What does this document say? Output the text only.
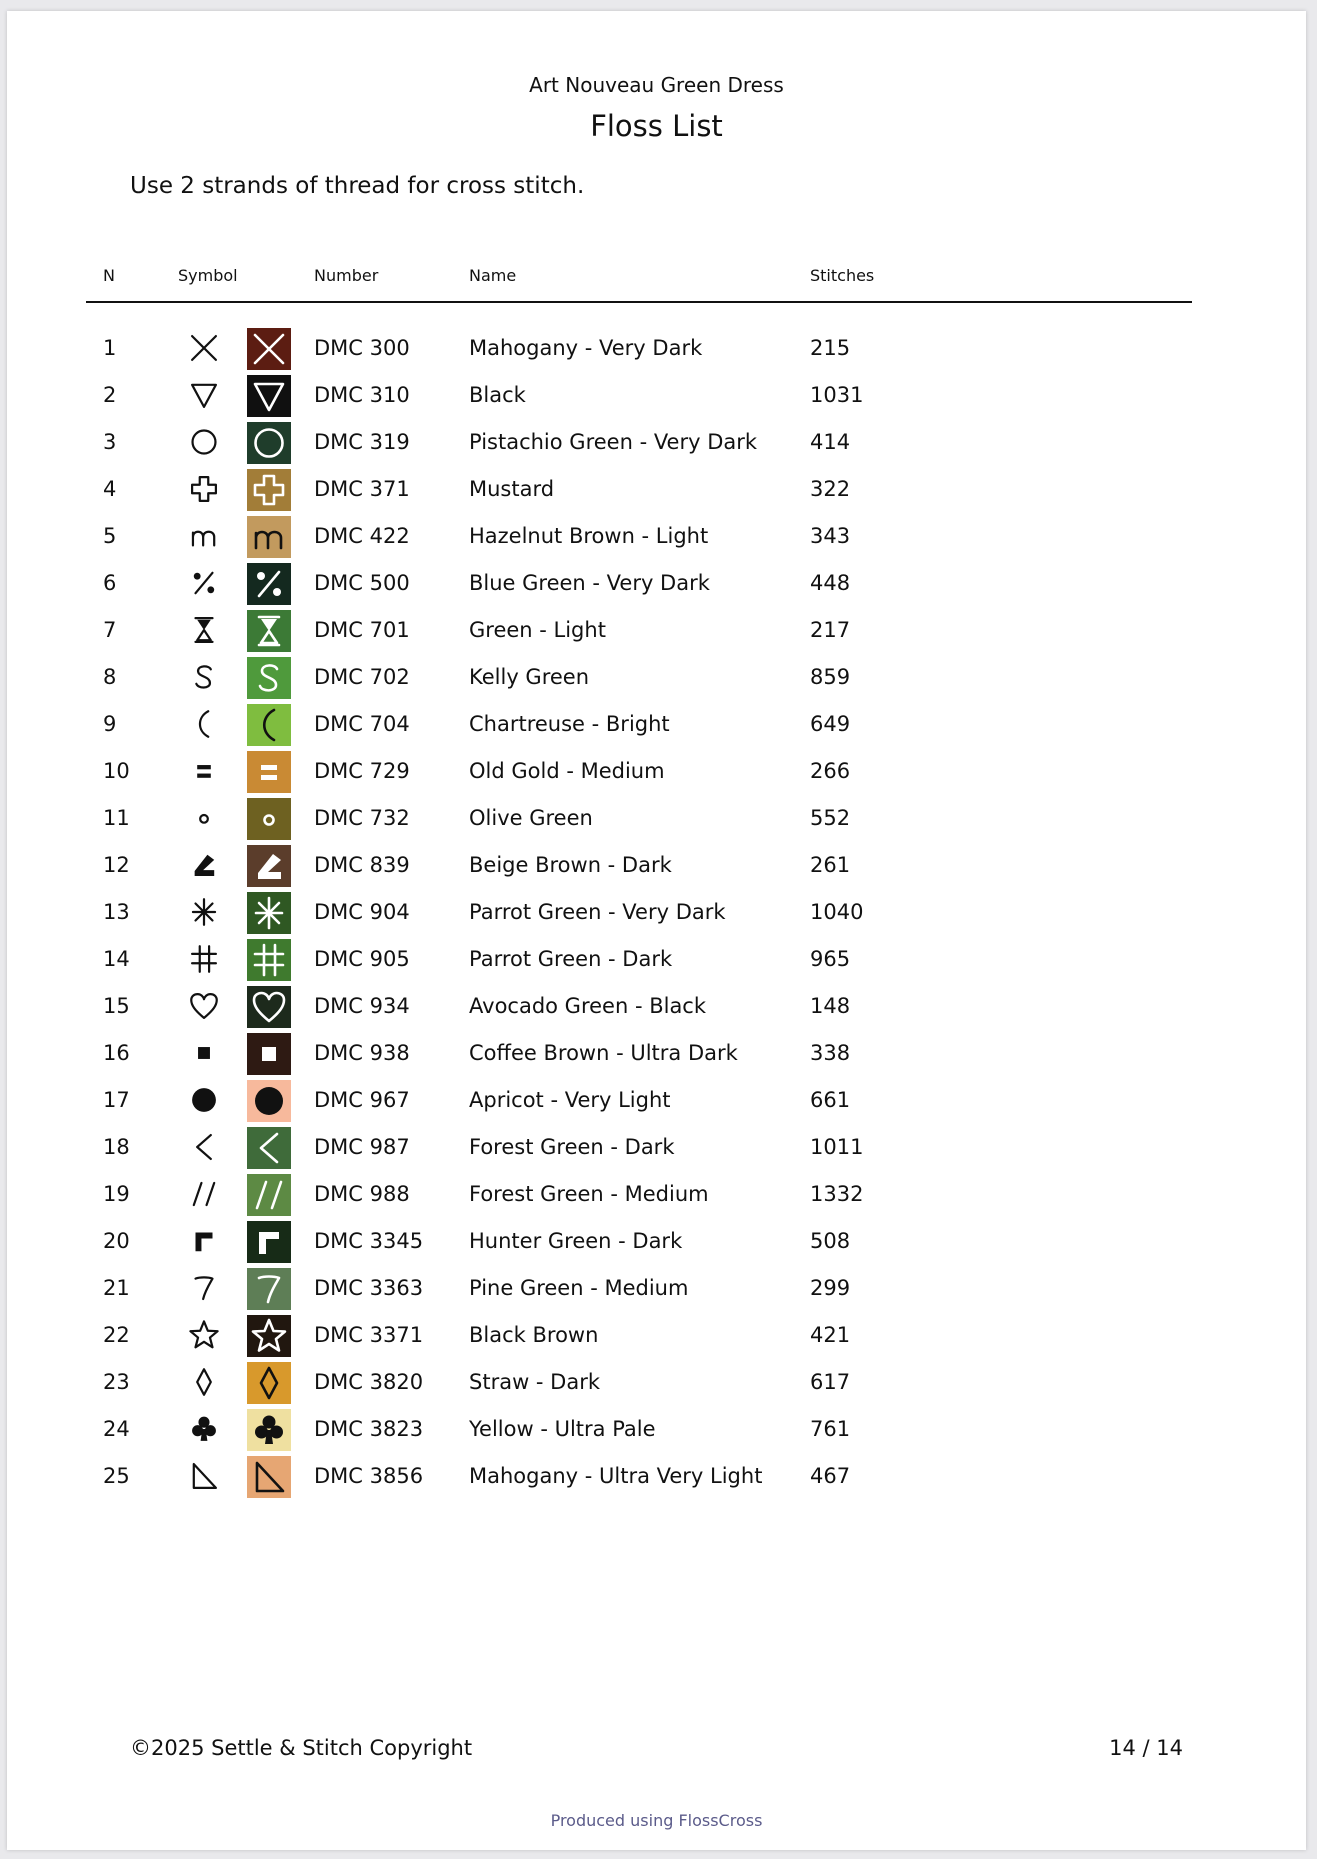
Art Nouveau Green Dress
Floss List
Use 2 strands of thread for cross stitch.
N	Symbol	Number	Name	Stitches
1	DMC 300	Mahogany - Very Dark	215
2	DMC 310	Black	1031
3	DMC 319	Pistachio Green - Very Dark	414
4	DMC 371	Mustard	322
5	DMC 422	Hazelnut Brown - Light	343
6	DMC 500	Blue Green - Very Dark	448
7	DMC 701	Green - Light	217
8	DMC 702	Kelly Green	859
9	DMC 704	Chartreuse - Bright	649
10	DMC 729	Old Gold - Medium	266
11	DMC 732	Olive Green	552
12	DMC 839	Beige Brown - Dark	261
13	DMC 904	Parrot Green - Very Dark	1040
14	DMC 905	Parrot Green - Dark	965
15	DMC 934	Avocado Green - Black	148
16	DMC 938	Coffee Brown - Ultra Dark	338
17	DMC 967	Apricot - Very Light	661
18	DMC 987	Forest Green - Dark	1011
19	DMC 988	Forest Green - Medium	1332
20	DMC 3345 Hunter Green - Dark	508
21	DMC 3363 Pine Green - Medium	299
22	DMC 3371 Black Brown	421
23	DMC 3820 Straw - Dark	617
24	DMC 3823 Yellow - Ultra Pale	761
25	DMC 3856 Mahogany - Ultra Very Light 467
©2025 Settle & Stitch Copyright	14 / 14
Produced using FlossCross
